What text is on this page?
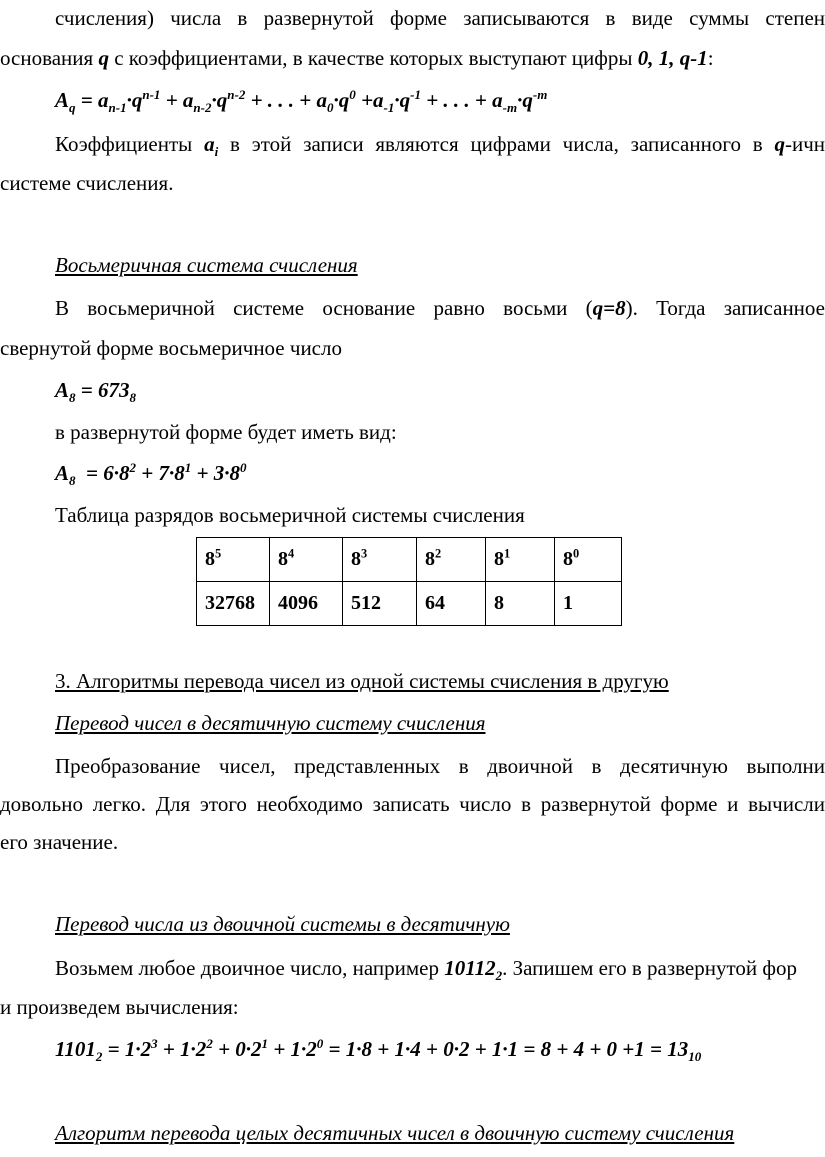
счисления) числа в развернутой форме записываются в виде суммы степен
основания q с коэффициентами, в качестве которых выступают цифры 0, 1, q-1:
$A_q = a_{n-1}\cdot q^{n-1} + a_{n-2}\cdot q^{n-2}$ + . . . + $a_0\cdot q^0 +a_{-1}\cdot q^{-1}$ + . . . + $a_{-m}\cdot q^{-m}$
Коэффициенты $a_i$ в этой записи являются цифрами числа, записанного в q-ичн
системе счисления.
Восьмеричная система счисления
В восьмеричной системе основание равно восьми (q=8). Тогда записанное
свернутой форме восьмеричное число
$A_8 = 673_8$
в развернутой форме будет иметь вид:
$A_8 = 6\cdot 8^2 + 7\cdot 8^1 + 3\cdot 8^0$
Таблица разрядов восьмеричной системы счисления
$8^5$	$8^4$	$8^3$	$8^2$	$8^1$	$8^0$
32768	4096	512	64	8	1
3. Алгоритмы перевода чисел из одной системы счисления в другую
Перевод чисел в десятичную систему счисления
Преобразование чисел, представленных в двоичной в десятичную выполни
довольно легко. Для этого необходимо записать число в развернутой форме и вычисли
его значение.
Перевод числа из двоичной системы в десятичную
Возьмем любое двоичное число, например $10112_2$. Запишем его в развернутой фор
и произведем вычисления:
$1101_2 = 1\cdot 2^3 + 1\cdot 2^2 + 0\cdot 2^1 + 1\cdot 2^0 = 1\cdot 8 + 1\cdot 4 + 0\cdot 2 + 1\cdot 1 = 8 + 4 + 0 +1 = 13_{10}$
Алгоритм перевода целых десятичных чисел в двоичную систему счисления
